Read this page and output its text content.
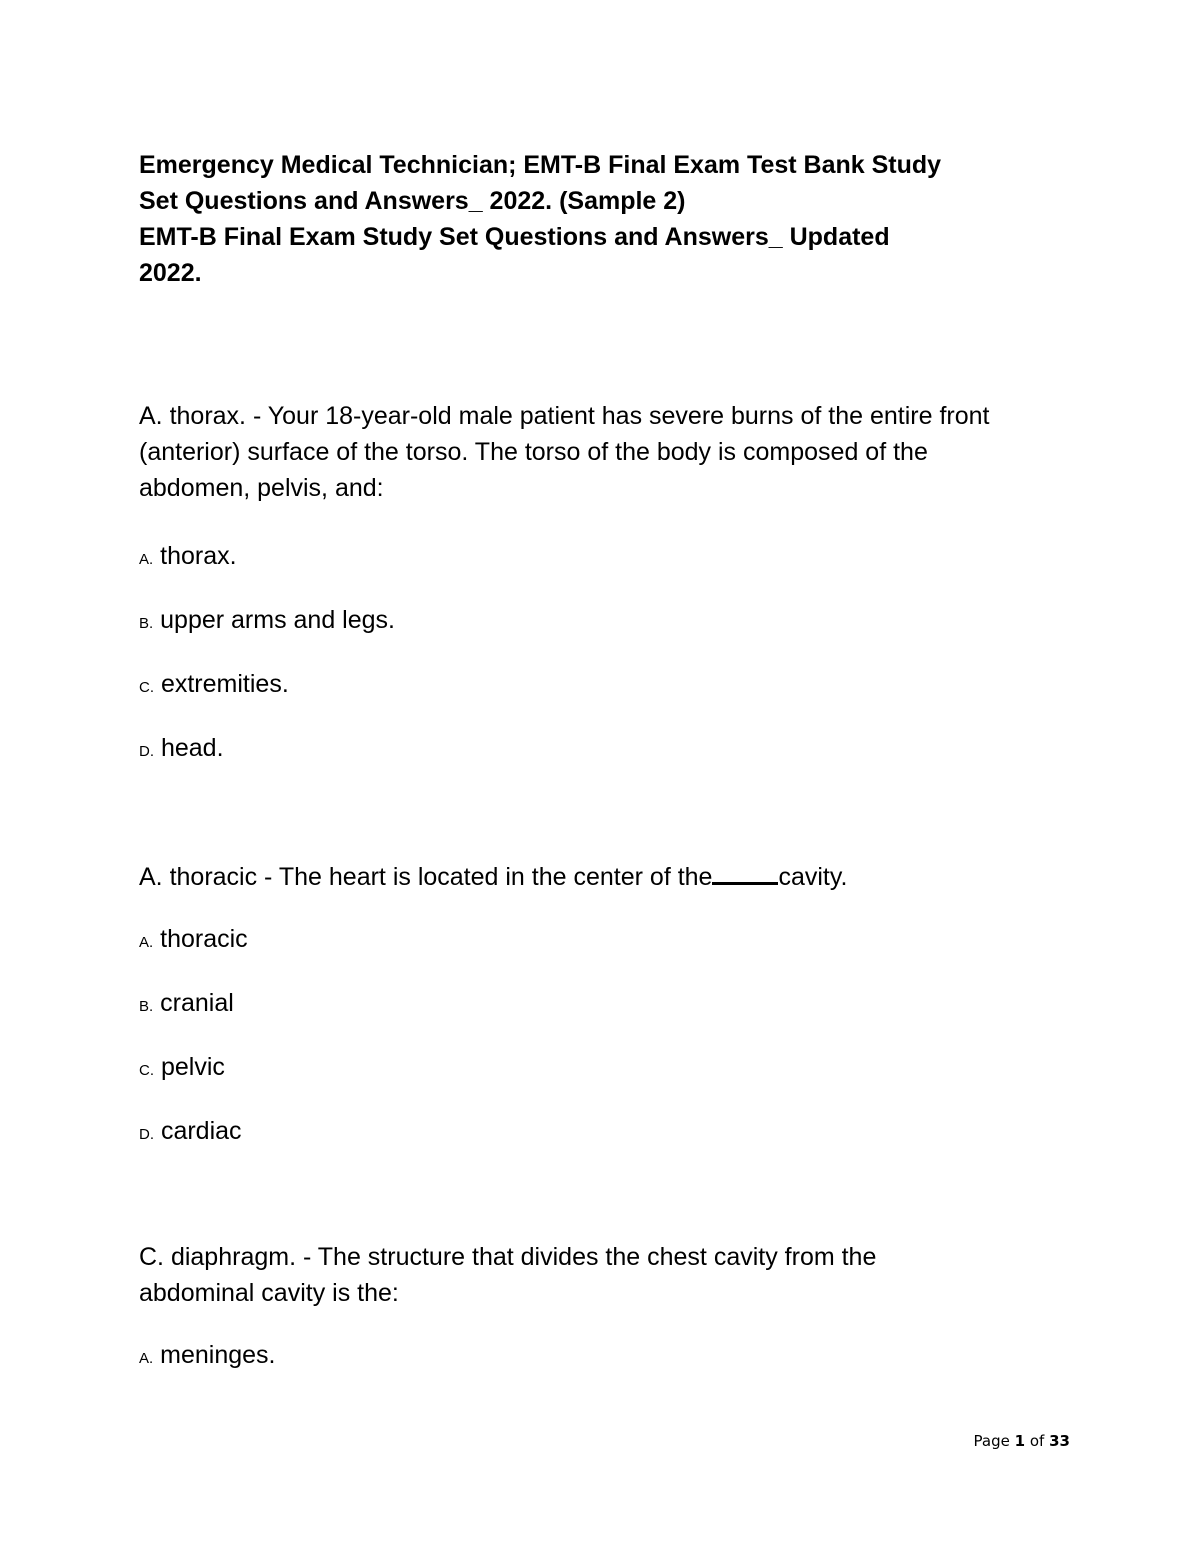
Emergency Medical Technician; EMT-B Final Exam Test Bank Study
Set Questions and Answers_ 2022. (Sample 2)
EMT-B Final Exam Study Set Questions and Answers_ Updated
2022.
A. thorax. - Your 18-year-old male patient has severe burns of the entire front (anterior) surface of the torso. The torso of the body is composed of the abdomen, pelvis, and:
A. thorax.
B. upper arms and legs.
C. extremities.
D. head.
A. thoracic - The heart is located in the center of the	cavity.
A. thoracic
B. cranial
C. pelvic
D. cardiac
C. diaphragm. - The structure that divides the chest cavity from the abdominal cavity is the:
A. meninges.
Page 1 of 33
